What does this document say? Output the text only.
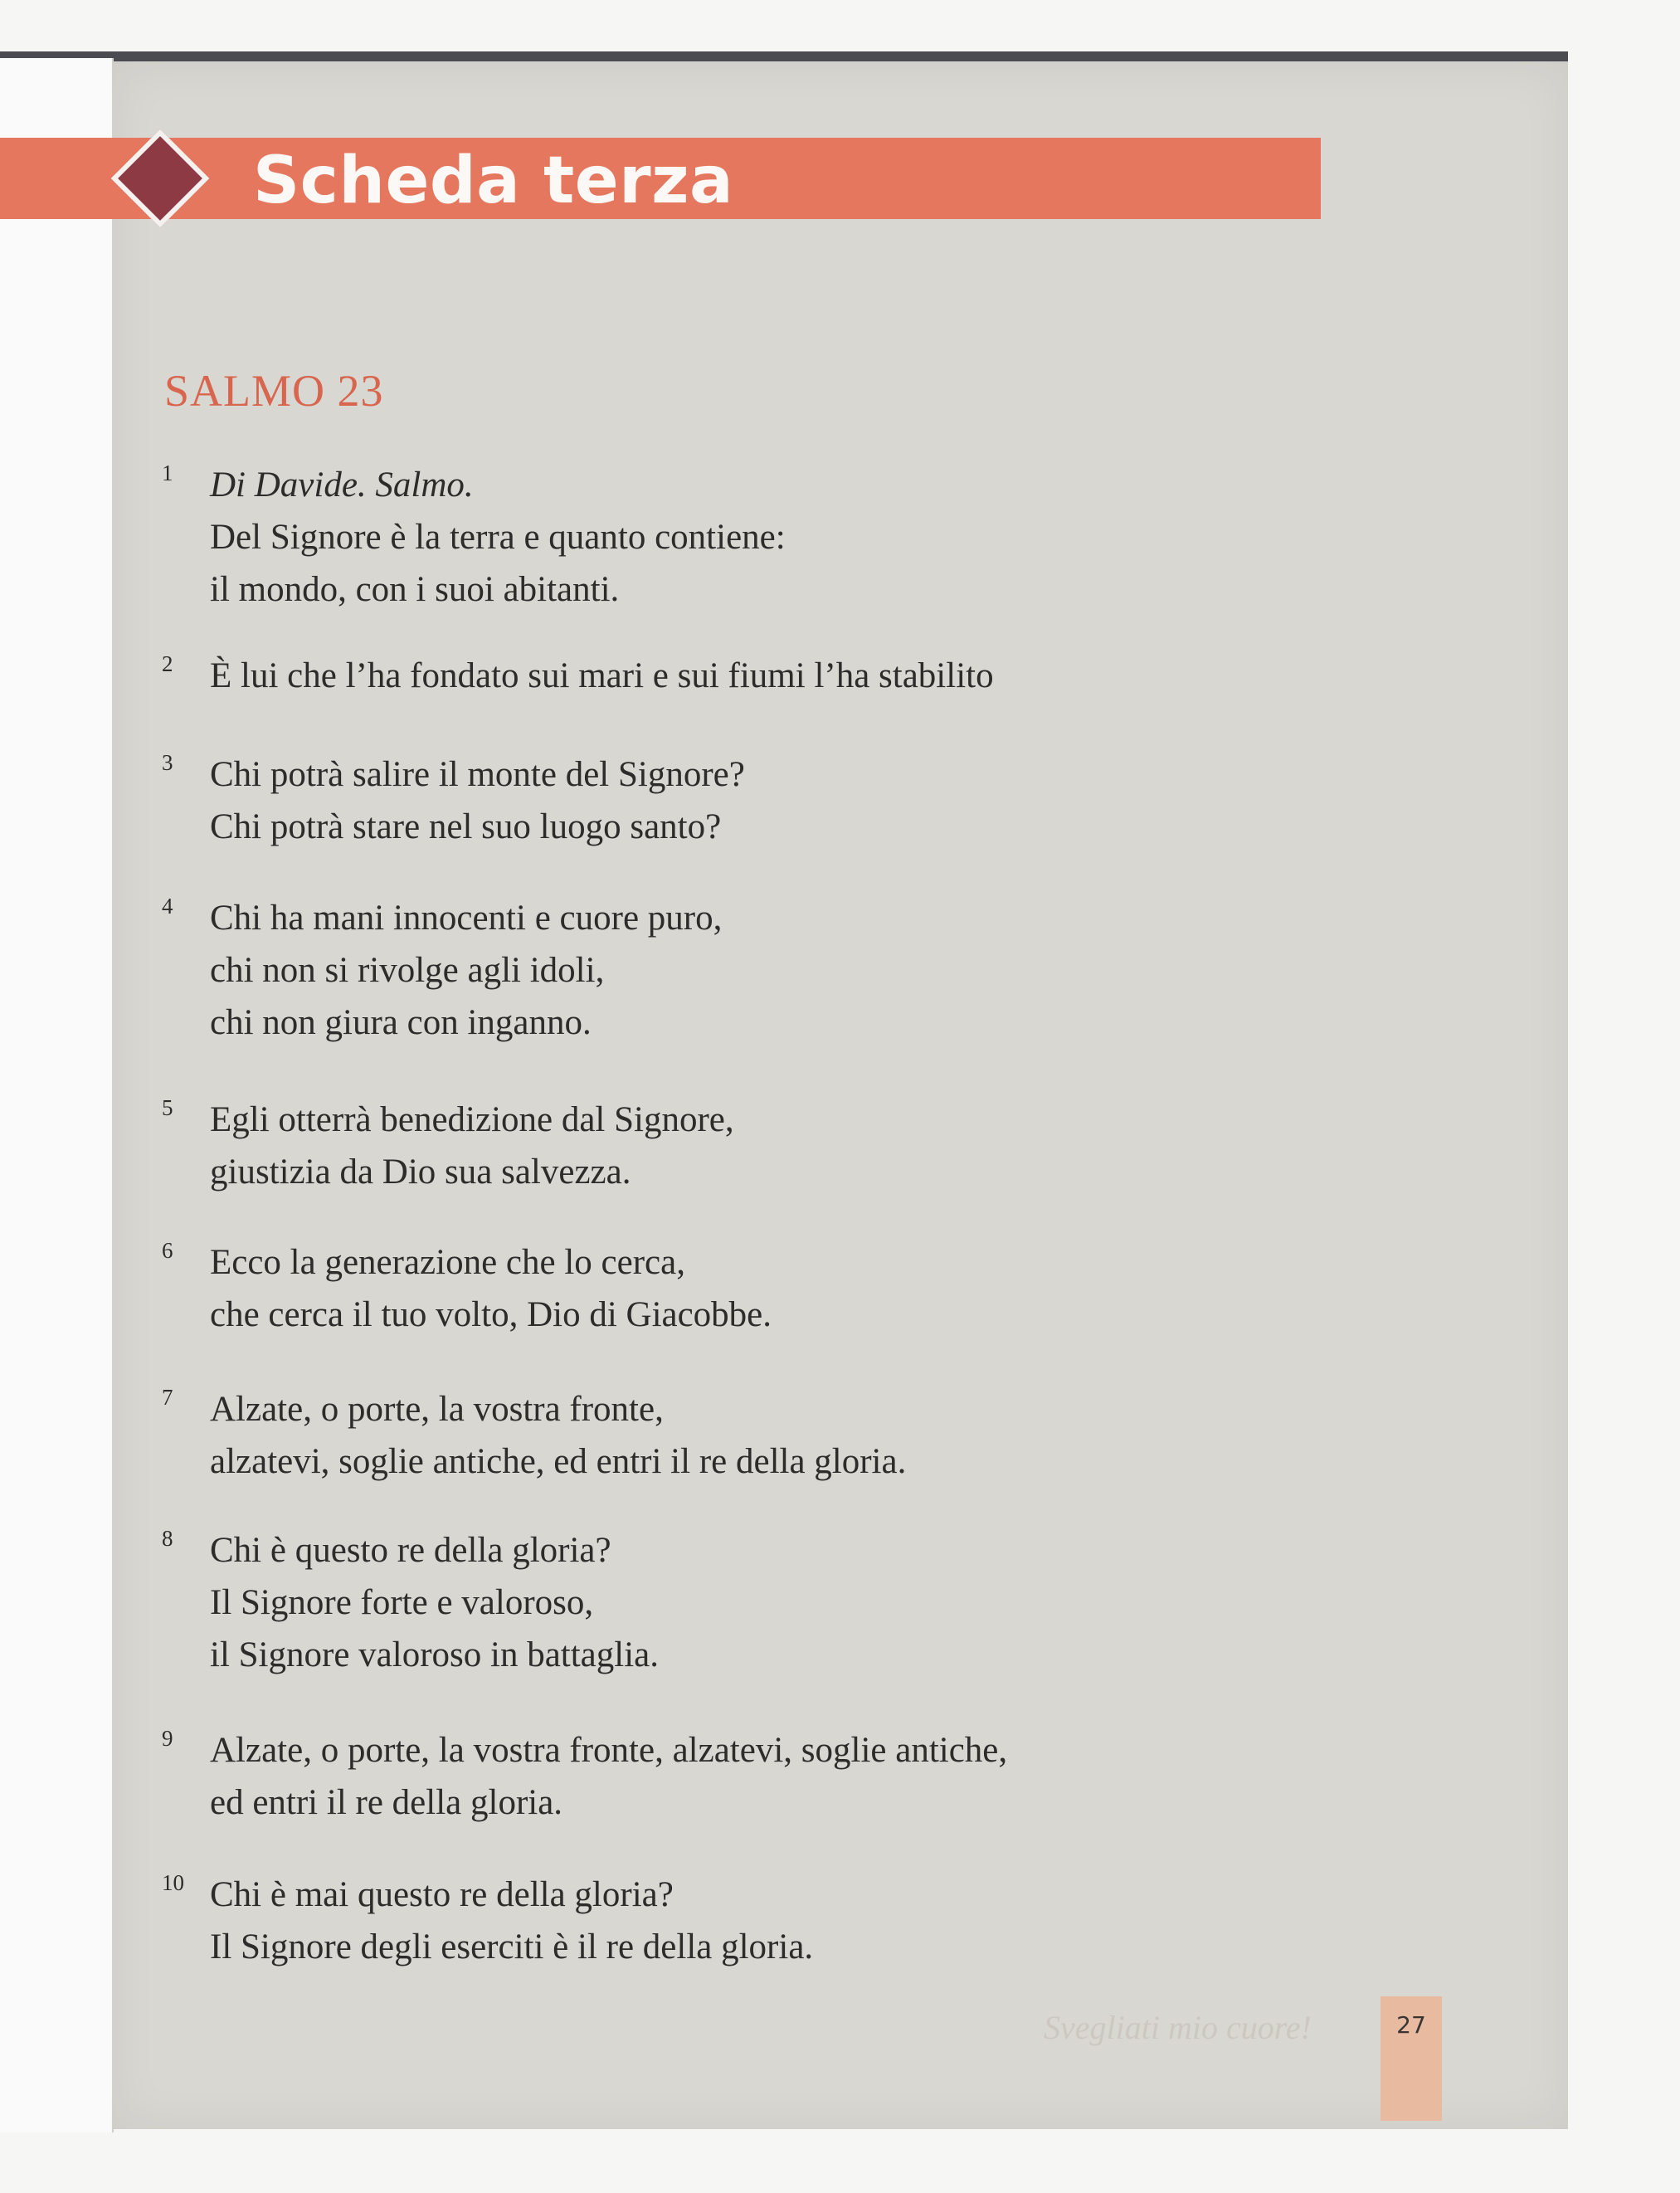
Scheda terza
SALMO 23
1 Di Davide. Salmo.
Del Signore è la terra e quanto contiene:
il mondo, con i suoi abitanti.
2 È lui che l’ha fondato sui mari e sui fiumi l’ha stabilito
3 Chi potrà salire il monte del Signore?
Chi potrà stare nel suo luogo santo?
4 Chi ha mani innocenti e cuore puro,
chi non si rivolge agli idoli,
chi non giura con inganno.
5 Egli otterrà benedizione dal Signore,
giustizia da Dio sua salvezza.
6 Ecco la generazione che lo cerca,
che cerca il tuo volto, Dio di Giacobbe.
7 Alzate, o porte, la vostra fronte,
alzatevi, soglie antiche, ed entri il re della gloria.
8 Chi è questo re della gloria?
Il Signore forte e valoroso,
il Signore valoroso in battaglia.
9 Alzate, o porte, la vostra fronte, alzatevi, soglie antiche,
ed entri il re della gloria.
10 Chi è mai questo re della gloria?
Il Signore degli eserciti è il re della gloria.
Svegliati mio cuore!	27
